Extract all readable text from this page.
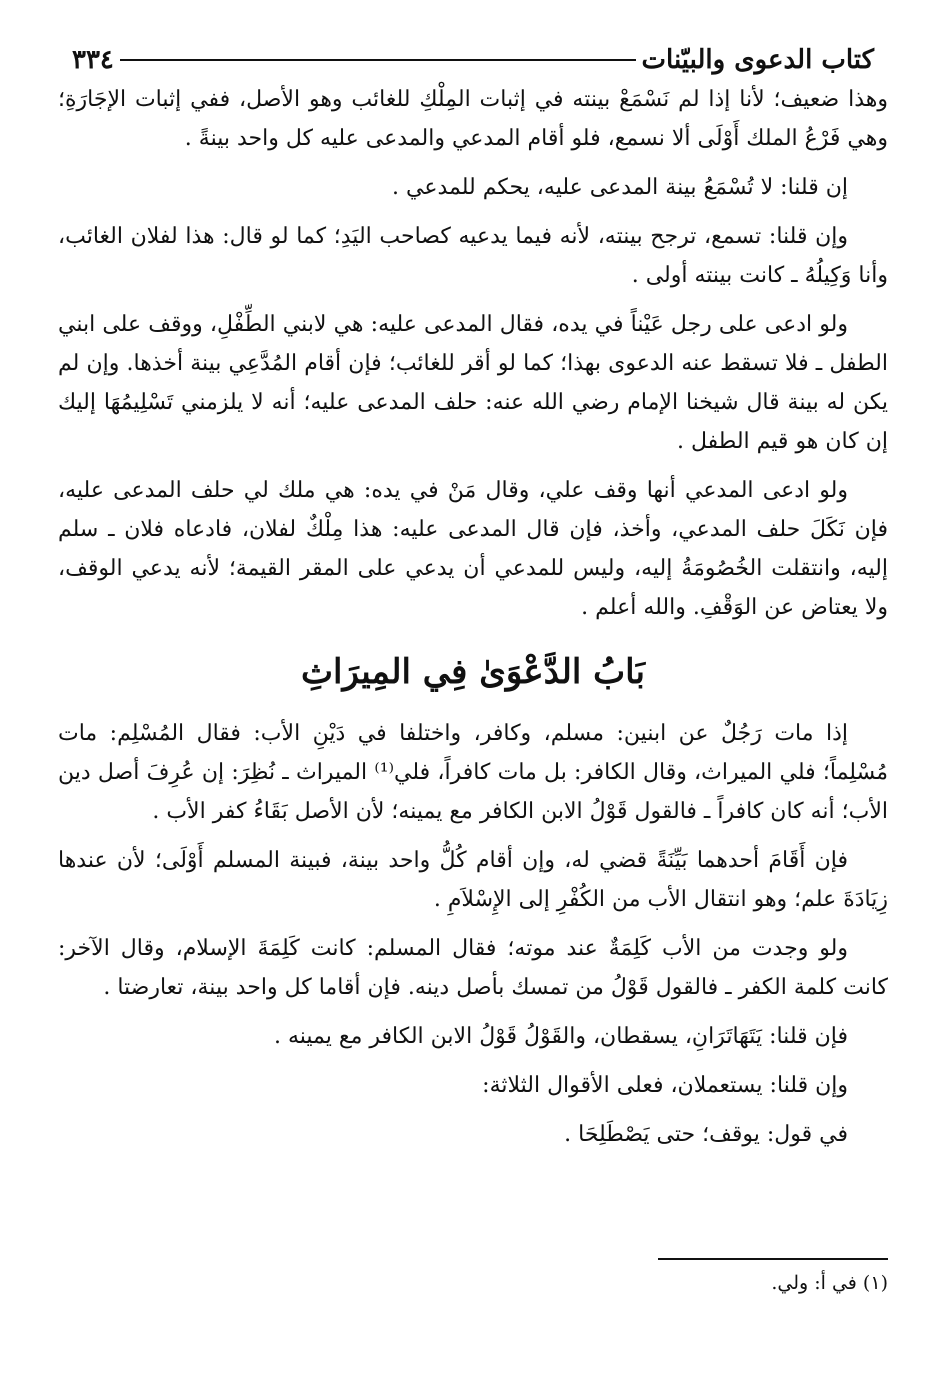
كتاب الدعوى والبيّنات
٣٣٤

وهذا ضعيف؛ لأنا إذا لم نَسْمَعْ بينته في إثبات المِلْكِ للغائب وهو الأصل، ففي إثبات الإجَارَةِ؛ وهي فَرْعُ الملك أَوْلَى ألا نسمع، فلو أقام المدعي والمدعى عليه كل واحد بينةً .

إن قلنا: لا تُسْمَعُ بينة المدعى عليه، يحكم للمدعي .

وإن قلنا: تسمع، ترجح بينته، لأنه فيما يدعيه كصاحب اليَدِ؛ كما لو قال: هذا لفلان الغائب، وأنا وَكِيلُهُ ـ كانت بينته أولى .

ولو ادعى على رجل عَيْناً في يده، فقال المدعى عليه: هي لابني الطِّفْلِ، ووقف على ابني الطفل ـ فلا تسقط عنه الدعوى بهذا؛ كما لو أقر للغائب؛ فإن أقام المُدَّعِي بينة أخذها. وإن لم يكن له بينة قال شيخنا الإمام رضي الله عنه: حلف المدعى عليه؛ أنه لا يلزمني تَسْلِيمُهَا إليك إن كان هو قيم الطفل .

ولو ادعى المدعي أنها وقف علي، وقال مَنْ في يده: هي ملك لي حلف المدعى عليه، فإن نَكَلَ حلف المدعي، وأخذ، فإن قال المدعى عليه: هذا مِلْكٌ لفلان، فادعاه فلان ـ سلم إليه، وانتقلت الخُصُومَةُ إليه، وليس للمدعي أن يدعي على المقر القيمة؛ لأنه يدعي الوقف، ولا يعتاض عن الوَقْفِ. والله أعلم .

بَابُ الدَّعْوَىٰ فِي المِيرَاثِ

إذا مات رَجُلٌ عن ابنين: مسلم، وكافر، واختلفا في دَيْنِ الأب: فقال المُسْلِم: مات مُسْلِماً؛ فلي الميراث، وقال الكافر: بل مات كافراً، فلي⁽¹⁾ الميراث ـ نُظِرَ: إن عُرِفَ أصل دين الأب؛ أنه كان كافراً ـ فالقول قَوْلُ الابن الكافر مع يمينه؛ لأن الأصل بَقَاءُ كفر الأب .

فإن أَقَامَ أحدهما بَيِّنَةً قضي له، وإن أقام كُلُّ واحد بينة، فبينة المسلم أَوْلَى؛ لأن عندها زِيَادَةَ علم؛ وهو انتقال الأب من الكُفْرِ إلى الإِسْلاَمِ .

ولو وجدت من الأب كَلِمَةٌ عند موته؛ فقال المسلم: كانت كَلِمَةَ الإسلام، وقال الآخر: كانت كلمة الكفر ـ فالقول قَوْلُ من تمسك بأصل دينه. فإن أقاما كل واحد بينة، تعارضتا .

فإن قلنا: يَتَهَاتَرَانِ، يسقطان، والقَوْلُ قَوْلُ الابن الكافر مع يمينه .

وإن قلنا: يستعملان، فعلى الأقوال الثلاثة:

في قول: يوقف؛ حتى يَصْطَلِحَا .

(١) في أ: ولي.
